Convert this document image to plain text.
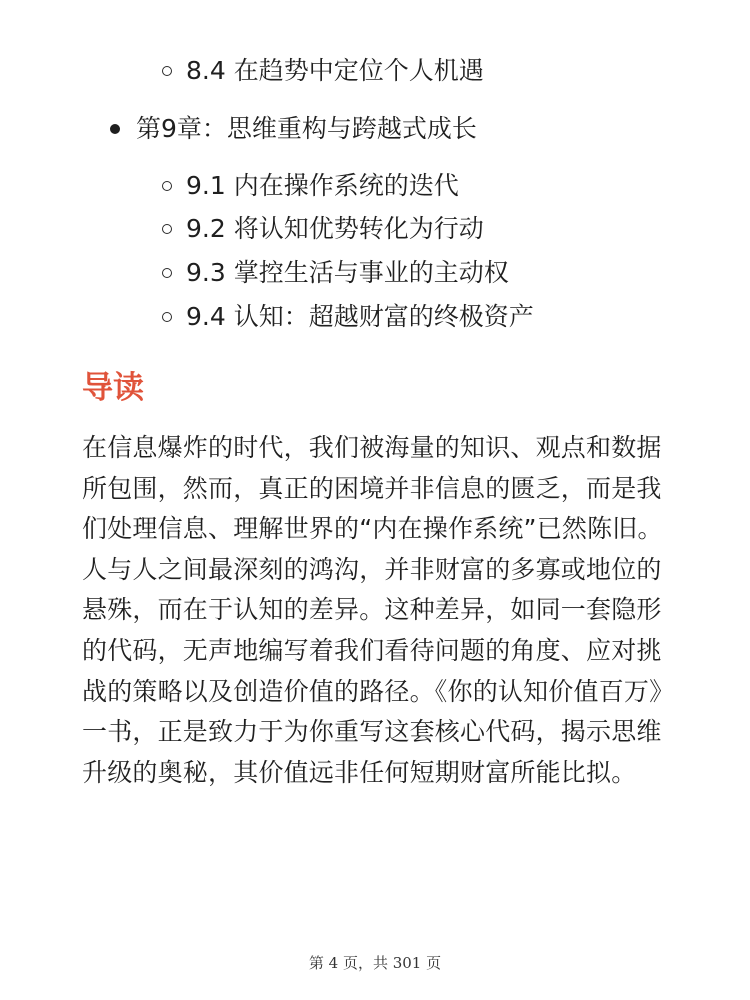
8.4 在趋势中定位个人机遇
第9章：思维重构与跨越式成长
9.1 内在操作系统的迭代
9.2 将认知优势转化为行动
9.3 掌控生活与事业的主动权
9.4 认知：超越财富的终极资产
导读

在信息爆炸的时代，我们被海量的知识、观点和数据所包围，然而，真正的困境并非信息的匮乏，而是我们处理信息、理解世界的“内在操作系统”已然陈旧。人与人之间最深刻的鸿沟，并非财富的多寡或地位的悬殊，而在于认知的差异。这种差异，如同一套隐形的代码，无声地编写着我们看待问题的角度、应对挑战的策略以及创造价值的路径。《你的认知价值百万》一书，正是致力于为你重写这套核心代码，揭示思维升级的奥秘，其价值远非任何短期财富所能比拟。

第 4 页，共 301 页
